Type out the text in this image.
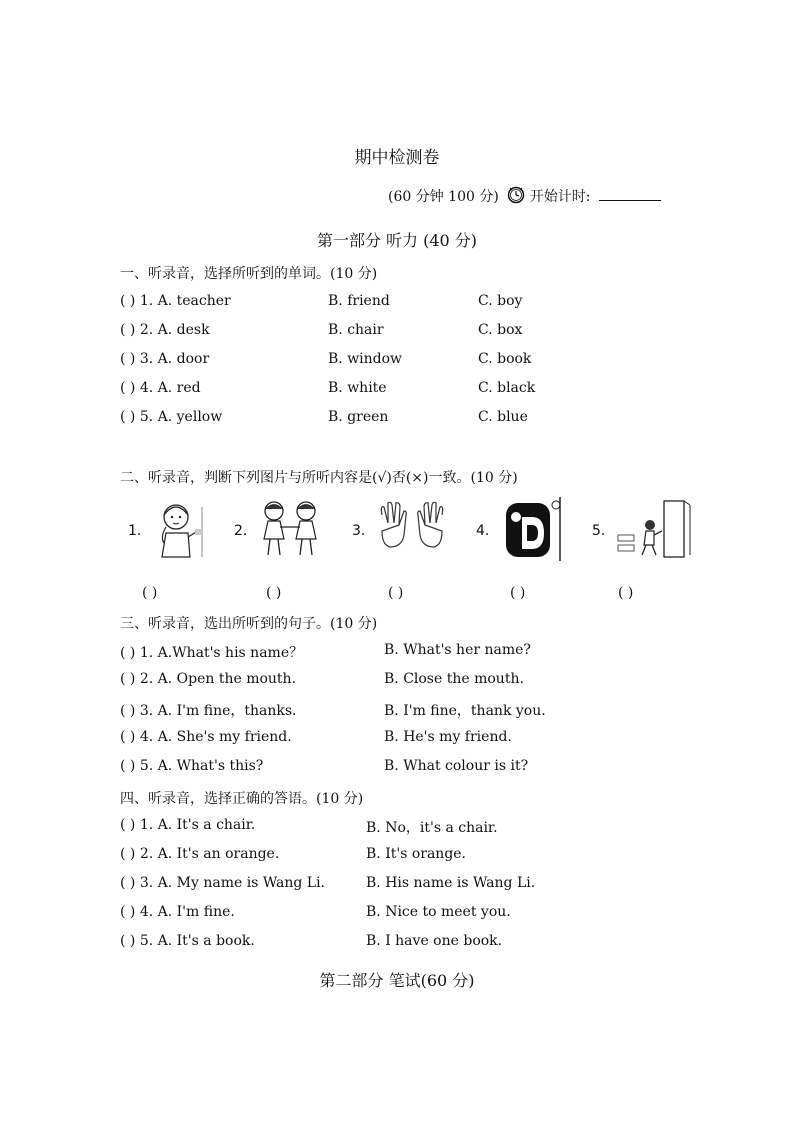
期中检测卷
(60 分钟 100 分) 开始计时:
第一部分 听力 (40 分)
一、听录音，选择所听到的单词。(10 分)
( ) 1. A. teacher	B. friend	C. boy
( ) 2. A. desk	B. chair	C. box
( ) 3. A. door	B. window	C. book
( ) 4. A. red	B. white	C. black
( ) 5. A. yellow	B. green	C. blue
二、听录音，判断下列图片与所听内容是(√)否(×)一致。(10 分)
1.	2.	3.	4.	5.
( )	( )	( )	( )	( )
三、听录音，选出所听到的句子。(10 分)
( ) 1. A.What's his name？	B. What's her name?
( ) 2. A. Open the mouth.	B. Close the mouth.
( ) 3. A. I'm fine，thanks.	B. I'm fine，thank you.
( ) 4. A. She's my friend.	B. He's my friend.
( ) 5. A. What's this?	B. What colour is it?
四、听录音，选择正确的答语。(10 分)
( ) 1. A. It's a chair.	B. No，it's a chair.
( ) 2. A. It's an orange.	B. It's orange.
( ) 3. A. My name is Wang Li.	B. His name is Wang Li.
( ) 4. A. I'm fine.	B. Nice to meet you.
( ) 5. A. It's a book.	B. I have one book.
第二部分 笔试(60 分)
